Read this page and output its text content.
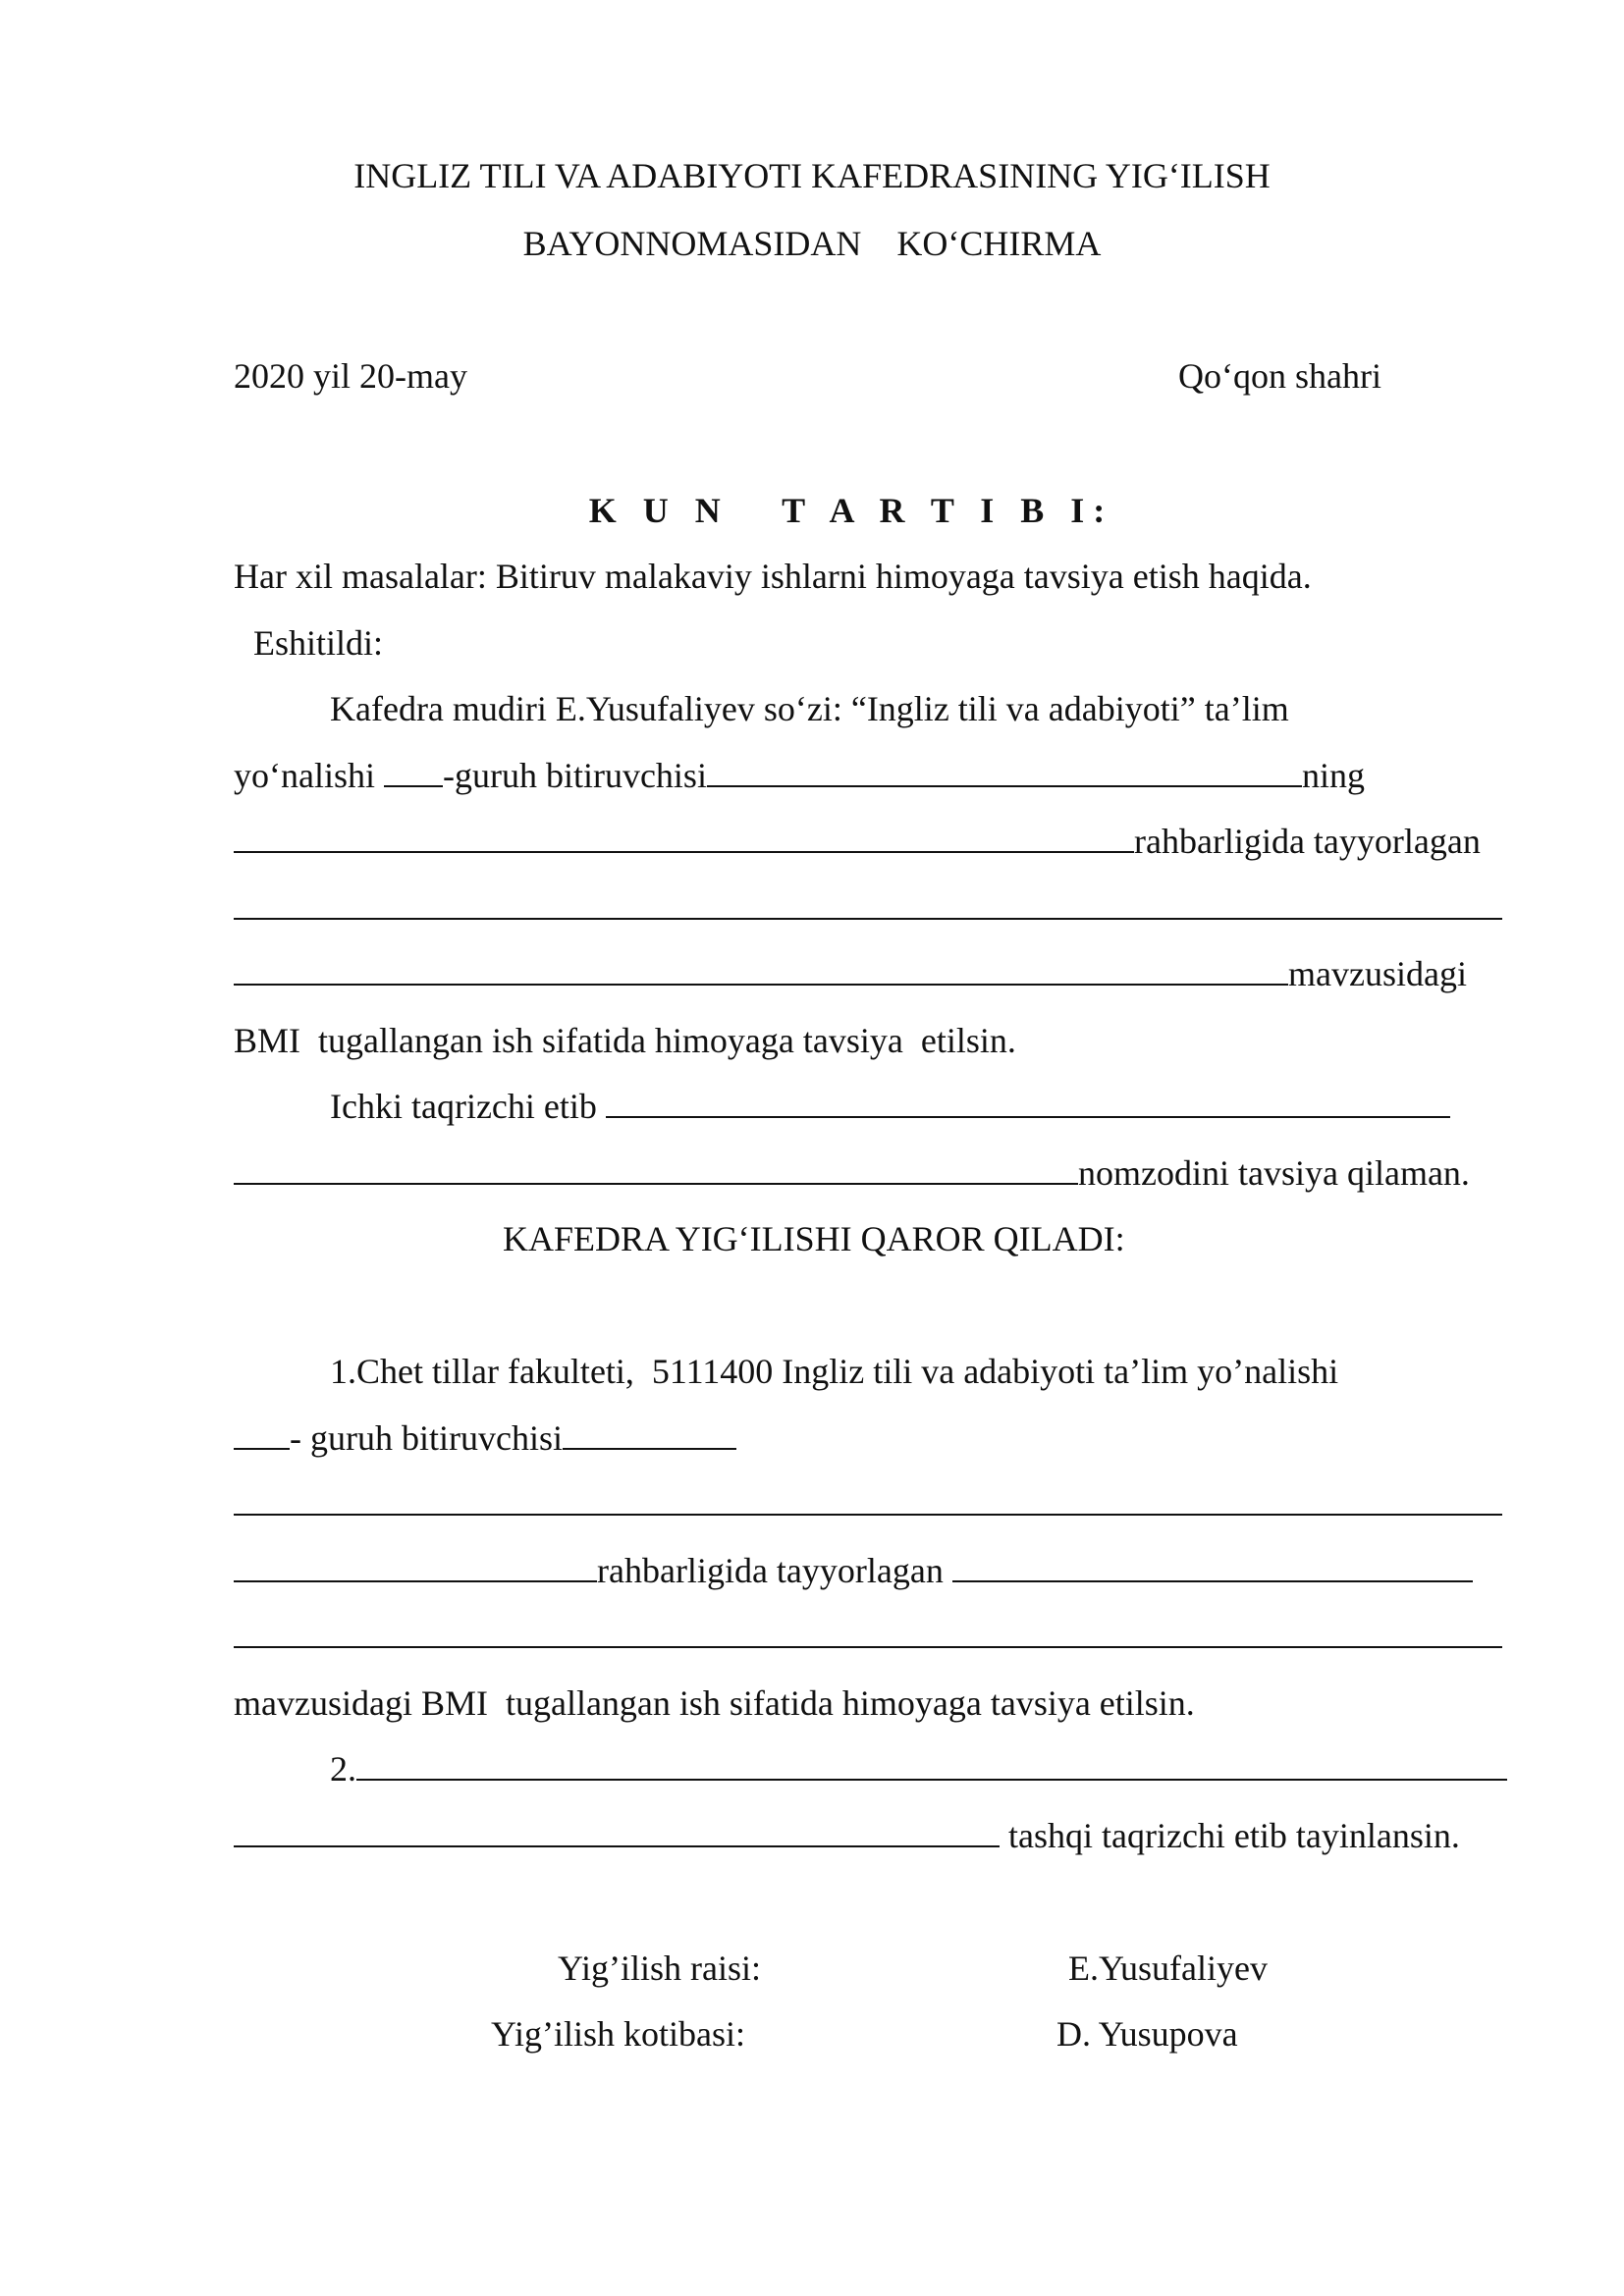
INGLIZ TILI VA ADABIYOTI KAFEDRASINING YIG‘ILISH
BAYONNOMASIDAN    KO‘CHIRMA
2020 yil 20-may	Qo‘qon shahri
K U N   T A R T I B I:
Har xil masalalar: Bitiruv malakaviy ishlarni himoyaga tavsiya etish haqida.
Eshitildi:
Kafedra mudiri E.Yusufaliyev so‘zi: “Ingliz tili va adabiyoti” ta’lim
yo‘nalishi -guruh bitiruvchisi	ning
rahbarligida tayyorlagan
mavzusidagi
BMI  tugallangan ish sifatida himoyaga tavsiya  etilsin.
Ichki taqrizchi etib
nomzodini tavsiya qilaman.
KAFEDRA YIG‘ILISHI QAROR QILADI:
1.Chet tillar fakulteti,  5111400 Ingliz tili va adabiyoti ta’lim yo’nalishi
- guruh bitiruvchisi
rahbarligida tayyorlagan
mavzusidagi BMI  tugallangan ish sifatida himoyaga tavsiya etilsin.
2.
tashqi taqrizchi etib tayinlansin.
Yig’ilish raisi:	E.Yusufaliyev
Yig’ilish kotibasi:	D. Yusupova
